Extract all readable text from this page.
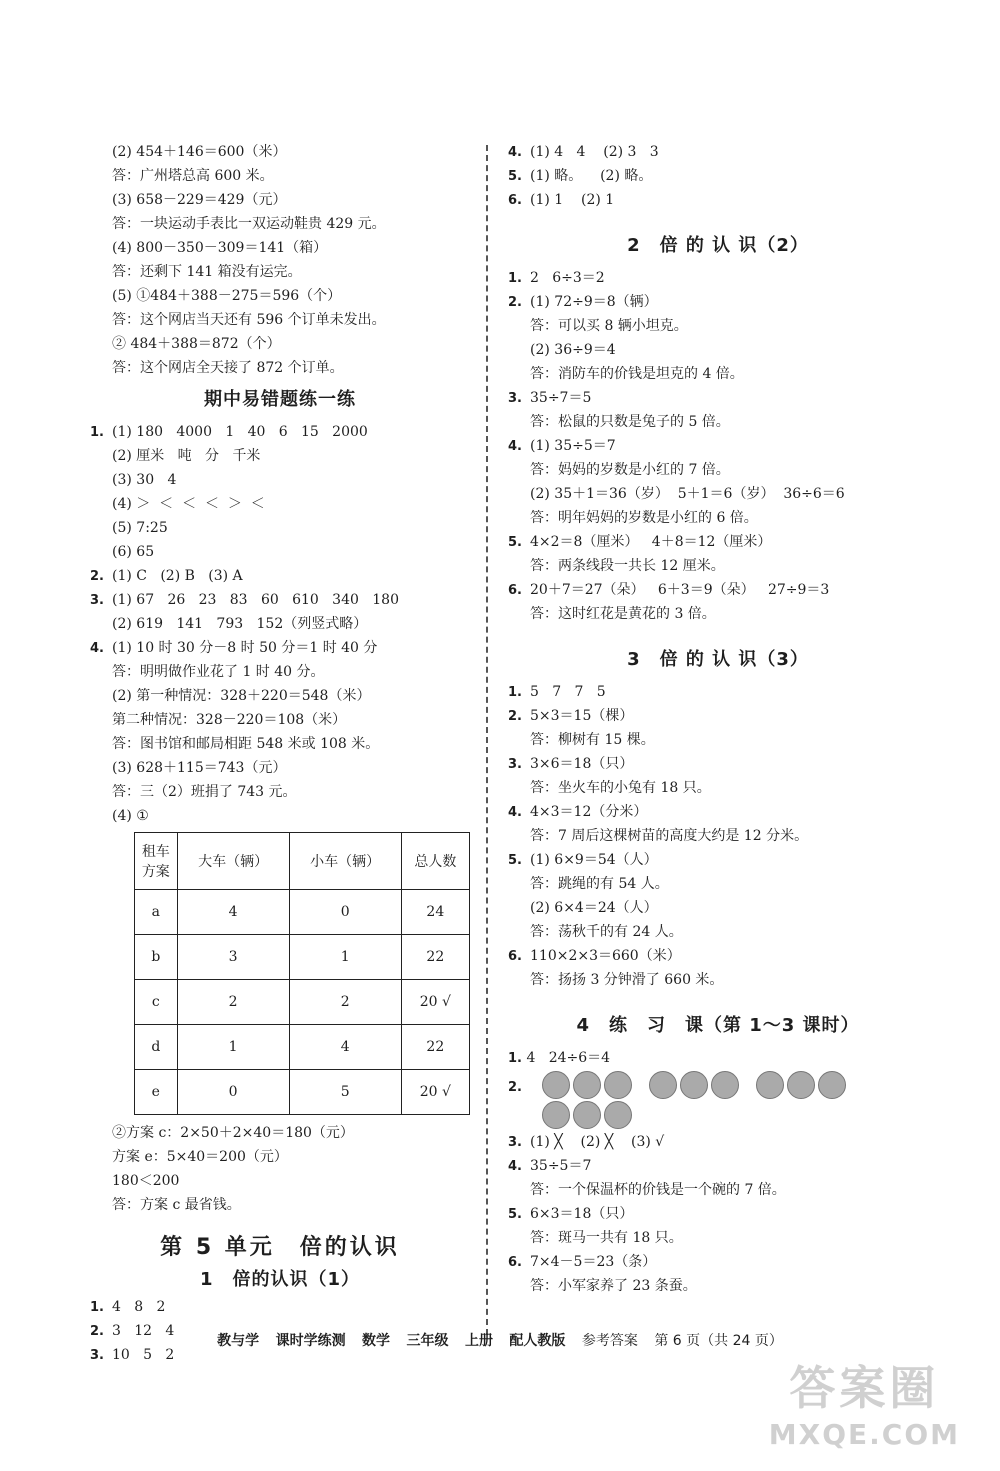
(2) 454＋146＝600（米）
答：广州塔总高 600 米。
(3) 658－229＝429（元）
答：一块运动手表比一双运动鞋贵 429 元。
(4) 800－350－309＝141（箱）
答：还剩下 141 箱没有运完。
(5) ①484＋388－275＝596（个）
答：这个网店当天还有 596 个订单未发出。
② 484＋388＝872（个）
答：这个网店全天接了 872 个订单。
期中易错题练一练
1. (1) 180   4000   1   40   6   15   2000
(2) 厘米   吨   分   千米
(3) 30   4
(4) ＞  ＜  ＜  ＜  ＞  ＜
(5) 7:25
(6) 65
2. (1) C   (2) B   (3) A
3. (1) 67   26   23   83   60   610   340   180
(2) 619   141   793   152（列竖式略）
4. (1) 10 时 30 分－8 时 50 分＝1 时 40 分
答：明明做作业花了 1 时 40 分。
(2) 第一种情况：328＋220＝548（米）
第二种情况：328－220＝108（米）
答：图书馆和邮局相距 548 米或 108 米。
(3) 628＋115＝743（元）
答：三（2）班捐了 743 元。
(4) ①
租车方案	大车（辆）	小车（辆）	总人数
a	4	0	24
b	3	1	22
c	2	2	20 √
d	1	4	22
e	0	5	20 √
②方案 c：2×50＋2×40＝180（元）
方案 e：5×40＝200（元）
180＜200
答：方案 c 最省钱。
第 5 单元　倍的认识
1　倍的认识（1）
1. 4   8   2
2. 3   12   4
3. 10   5   2
4. (1) 4   4    (2) 3   3
5. (1) 略。    (2) 略。
6. (1) 1    (2) 1
2　倍 的 认 识（2）
1. 2   6÷3＝2
2. (1) 72÷9＝8（辆）
答：可以买 8 辆小坦克。
(2) 36÷9＝4
答：消防车的价钱是坦克的 4 倍。
3. 35÷7＝5
答：松鼠的只数是兔子的 5 倍。
4. (1) 35÷5＝7
答：妈妈的岁数是小红的 7 倍。
(2) 35＋1＝36（岁）  5＋1＝6（岁）  36÷6＝6
答：明年妈妈的岁数是小红的 6 倍。
5. 4×2＝8（厘米）   4＋8＝12（厘米）
答：两条线段一共长 12 厘米。
6. 20＋7＝27（朵）   6＋3＝9（朵）   27÷9＝3
答：这时红花是黄花的 3 倍。
3　倍 的 认 识（3）
1. 5   7   7   5
2. 5×3＝15（棵）
答：柳树有 15 棵。
3. 3×6＝18（只）
答：坐火车的小兔有 18 只。
4. 4×3＝12（分米）
答：7 周后这棵树苗的高度大约是 12 分米。
5. (1) 6×9＝54（人）
答：跳绳的有 54 人。
(2) 6×4＝24（人）
答：荡秋千的有 24 人。
6. 110×2×3＝660（米）
答：扬扬 3 分钟滑了 660 米。
4　练　习　课（第 1～3 课时）
1. 4   24÷6＝4
2.
3. (1) ╳    (2) ╳    (3) √
4. 35÷5＝7
答：一个保温杯的价钱是一个碗的 7 倍。
5. 6×3＝18（只）
答：斑马一共有 18 只。
6. 7×4－5＝23（条）
答：小军家养了 23 条蚕。
教与学 课时学练测 数学 三年级 上册 配人教版 参考答案 第 6 页（共 24 页）
答案圈
MXQE.COM
